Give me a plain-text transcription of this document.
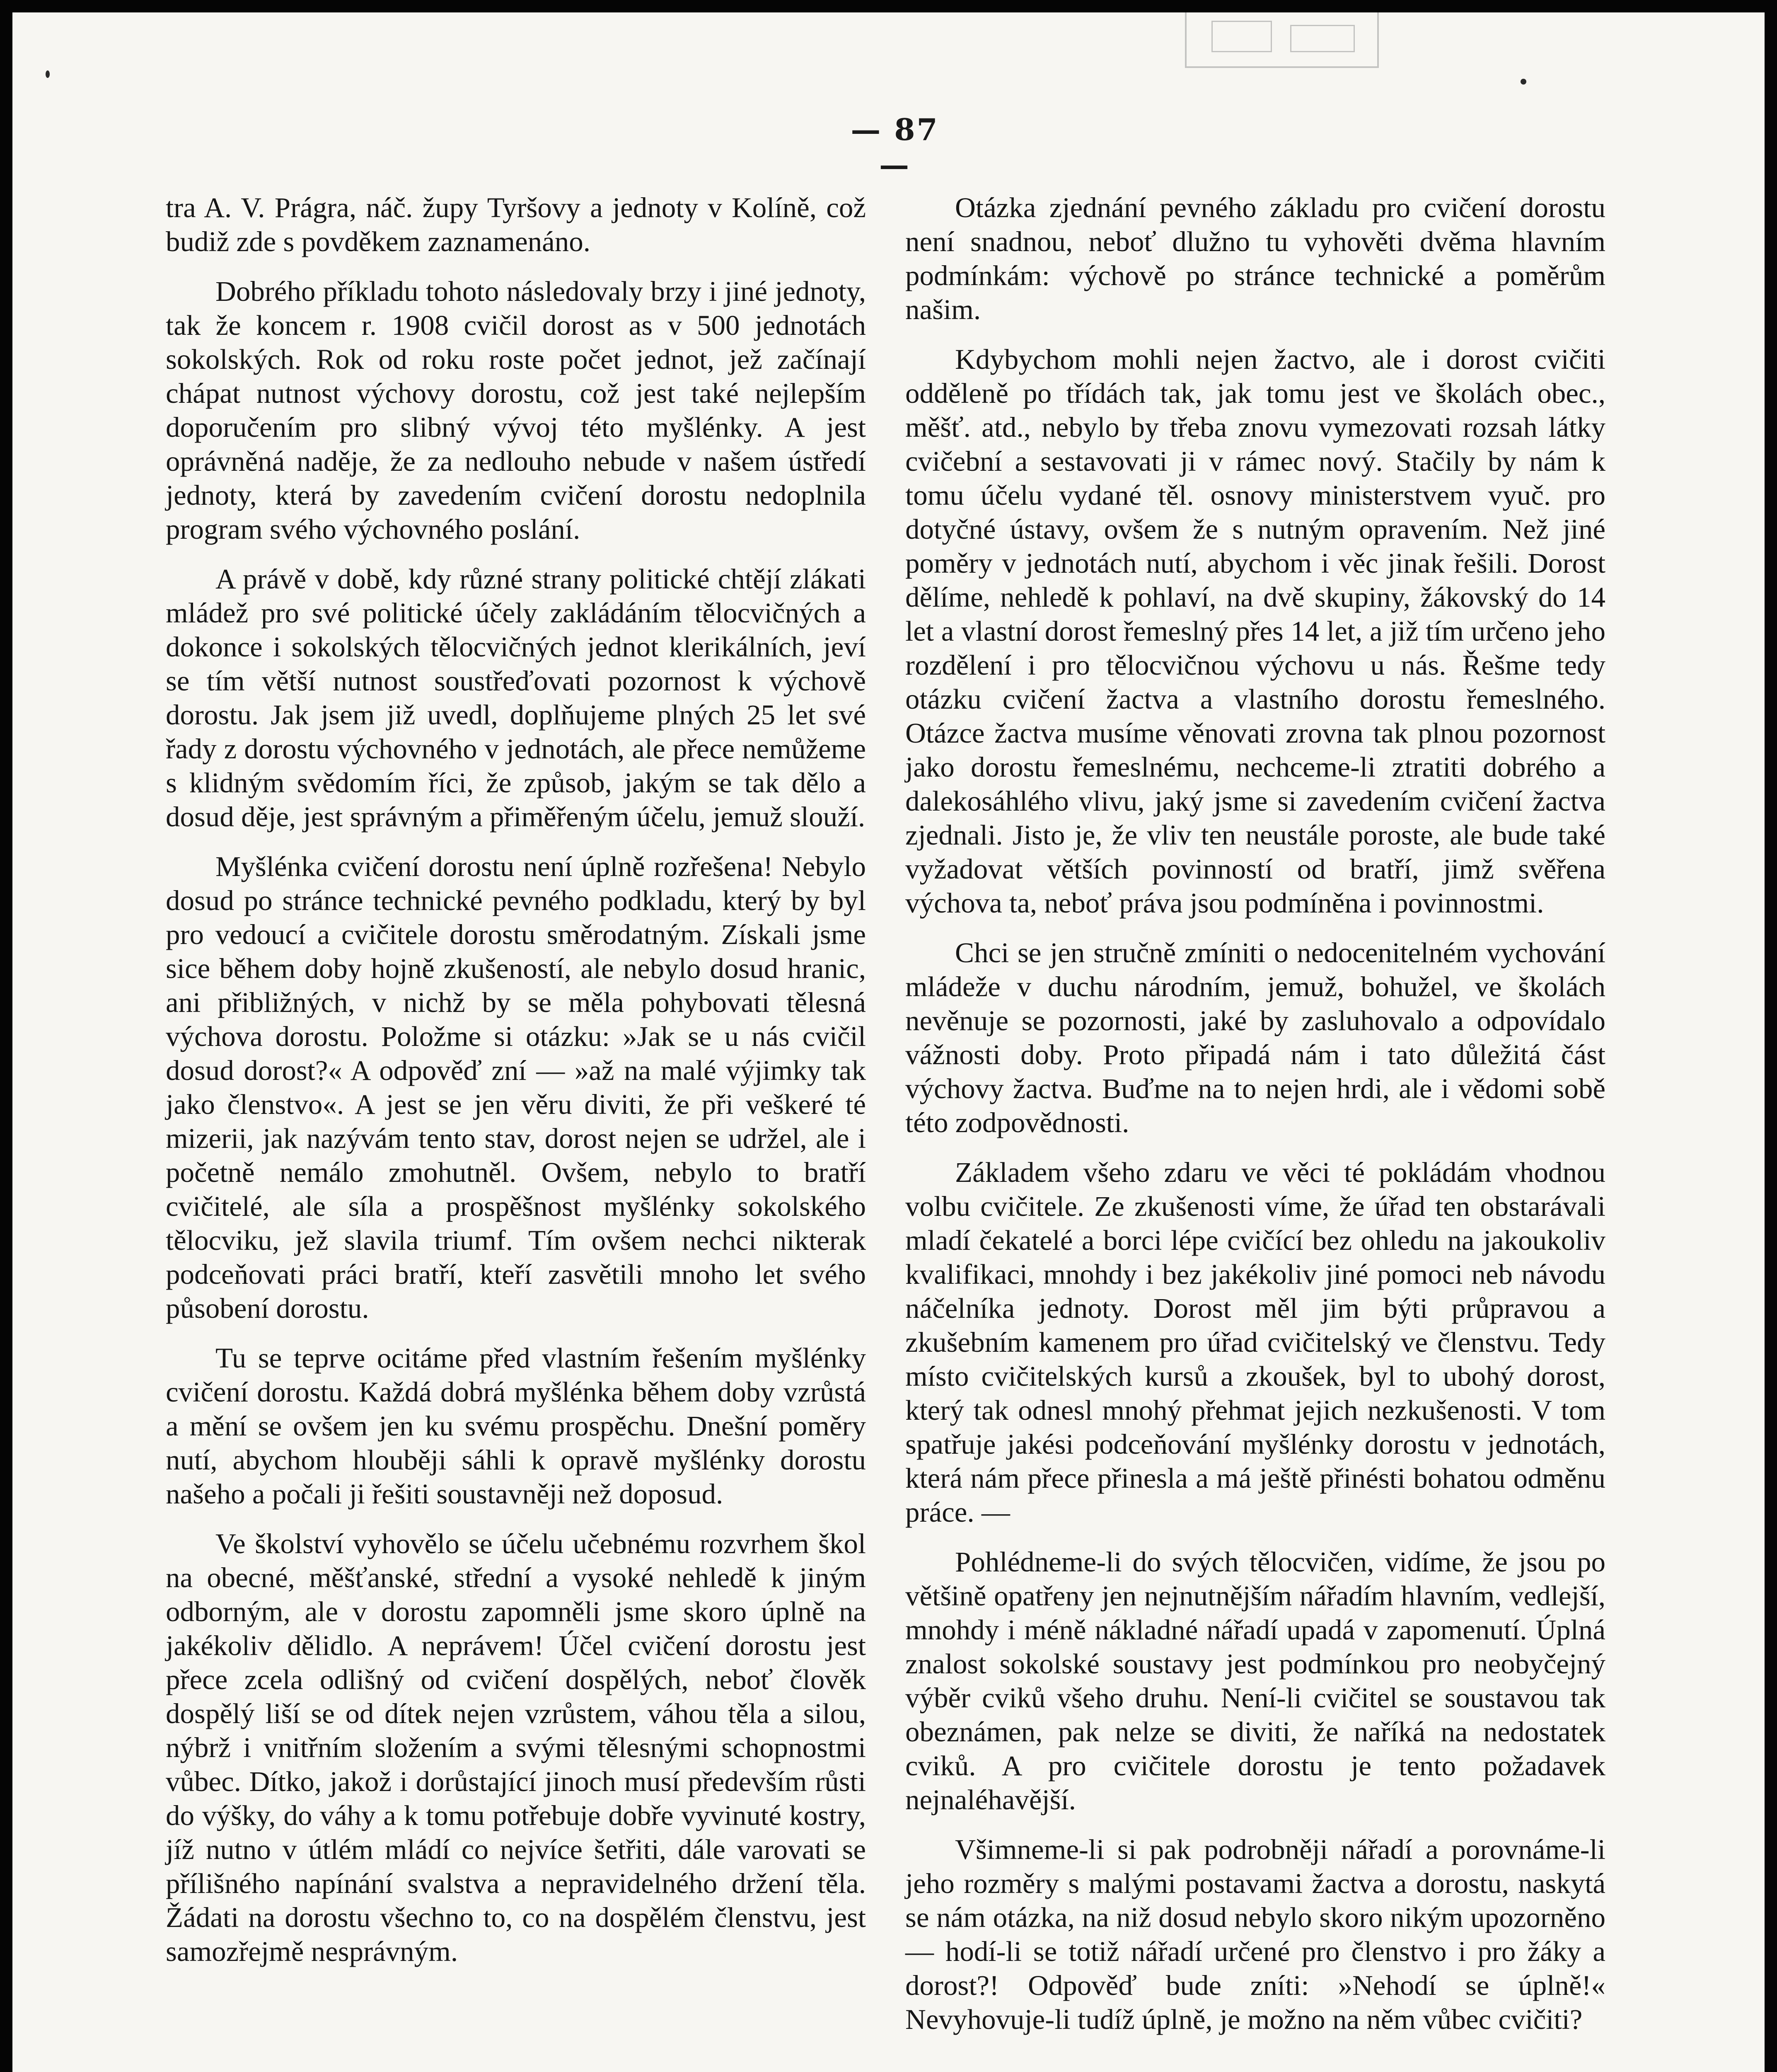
— 87 —

tra A. V. Prágra, náč. župy Tyršovy a jednoty v Kolíně, což budiž zde s povděkem zaznamenáno.

Dobrého příkladu tohoto následovaly brzy i jiné jednoty, tak že koncem r. 1908 cvičil dorost as v 500 jednotách sokolských. Rok od roku roste počet jednot, jež začínají chápat nutnost výchovy dorostu, což jest také nejlepším doporučením pro slibný vývoj této myšlénky. A jest oprávněná naděje, že za nedlouho nebude v našem ústředí jednoty, která by zavedením cvičení dorostu nedoplnila program svého výchovného poslání.

A právě v době, kdy různé strany politické chtějí zlákati mládež pro své politické účely zakládáním tělocvičných a dokonce i sokolských tělocvičných jednot klerikálních, jeví se tím větší nutnost soustřeďovati pozornost k výchově dorostu. Jak jsem již uvedl, doplňujeme plných 25 let své řady z dorostu výchovného v jednotách, ale přece nemůžeme s klidným svědomím říci, že způsob, jakým se tak dělo a dosud děje, jest správným a přiměřeným účelu, jemuž slouží.

Myšlénka cvičení dorostu není úplně rozřešena! Nebylo dosud po stránce technické pevného podkladu, který by byl pro vedoucí a cvičitele dorostu směrodatným. Získali jsme sice během doby hojně zkušeností, ale nebylo dosud hranic, ani přibližných, v nichž by se měla pohybovati tělesná výchova dorostu. Položme si otázku: »Jak se u nás cvičil dosud dorost?« A odpověď zní — »až na malé výjimky tak jako členstvo«. A jest se jen věru diviti, že při veškeré té mizerii, jak nazývám tento stav, dorost nejen se udržel, ale i početně nemálo zmohutněl. Ovšem, nebylo to bratří cvičitelé, ale síla a prospěšnost myšlénky sokolského tělocviku, jež slavila triumf. Tím ovšem nechci nikterak podceňovati práci bratří, kteří zasvětili mnoho let svého působení dorostu.

Tu se teprve ocitáme před vlastním řešením myšlénky cvičení dorostu. Každá dobrá myšlénka během doby vzrůstá a mění se ovšem jen ku svému prospěchu. Dnešní poměry nutí, abychom hlouběji sáhli k opravě myšlénky dorostu našeho a počali ji řešiti soustavněji než doposud.

Ve školství vyhovělo se účelu učebnému rozvrhem škol na obecné, měšťanské, střední a vysoké nehledě k jiným odborným, ale v dorostu zapomněli jsme skoro úplně na jakékoliv dělidlo. A neprávem! Účel cvičení dorostu jest přece zcela odlišný od cvičení dospělých, neboť člověk dospělý liší se od dítek nejen vzrůstem, váhou těla a silou, nýbrž i vnitřním složením a svými tělesnými schopnostmi vůbec. Dítko, jakož i dorůstající jinoch musí především růsti do výšky, do váhy a k tomu potřebuje dobře vyvinuté kostry, jíž nutno v útlém mládí co nejvíce šetřiti, dále varovati se přílišného napínání svalstva a nepravidelného držení těla. Žádati na dorostu všechno to, co na dospělém členstvu, jest samozřejmě nesprávným.

Otázka zjednání pevného základu pro cvičení dorostu není snadnou, neboť dlužno tu vyhověti dvěma hlavním podmínkám: výchově po stránce technické a poměrům našim.

Kdybychom mohli nejen žactvo, ale i dorost cvičiti odděleně po třídách tak, jak tomu jest ve školách obec., měšť. atd., nebylo by třeba znovu vymezovati rozsah látky cvičební a sestavovati ji v rámec nový. Stačily by nám k tomu účelu vydané těl. osnovy ministerstvem vyuč. pro dotyčné ústavy, ovšem že s nutným opravením. Než jiné poměry v jednotách nutí, abychom i věc jinak řešili. Dorost dělíme, nehledě k pohlaví, na dvě skupiny, žákovský do 14 let a vlastní dorost řemeslný přes 14 let, a již tím určeno jeho rozdělení i pro tělocvičnou výchovu u nás. Řešme tedy otázku cvičení žactva a vlastního dorostu řemeslného. Otázce žactva musíme věnovati zrovna tak plnou pozornost jako dorostu řemeslnému, nechceme-li ztratiti dobrého a dalekosáhlého vlivu, jaký jsme si zavedením cvičení žactva zjednali. Jisto je, že vliv ten neustále poroste, ale bude také vyžadovat větších povinností od bratří, jimž svěřena výchova ta, neboť práva jsou podmíněna i povinnostmi.

Chci se jen stručně zmíniti o nedocenitelném vychování mládeže v duchu národním, jemuž, bohužel, ve školách nevěnuje se pozornosti, jaké by zasluhovalo a odpovídalo vážnosti doby. Proto připadá nám i tato důležitá část výchovy žactva. Buďme na to nejen hrdi, ale i vědomi sobě této zodpovědnosti.

Základem všeho zdaru ve věci té pokládám vhodnou volbu cvičitele. Ze zkušenosti víme, že úřad ten obstarávali mladí čekatelé a borci lépe cvičící bez ohledu na jakoukoliv kvalifikaci, mnohdy i bez jakékoliv jiné pomoci neb návodu náčelníka jednoty. Dorost měl jim býti průpravou a zkušebním kamenem pro úřad cvičitelský ve členstvu. Tedy místo cvičitelských kursů a zkoušek, byl to ubohý dorost, který tak odnesl mnohý přehmat jejich nezkušenosti. V tom spatřuje jakési podceňování myšlénky dorostu v jednotách, která nám přece přinesla a má ještě přinésti bohatou odměnu práce. —

Pohlédneme-li do svých tělocvičen, vidíme, že jsou po většině opatřeny jen nejnutnějším nářadím hlavním, vedlejší, mnohdy i méně nákladné nářadí upadá v zapomenutí. Úplná znalost sokolské soustavy jest podmínkou pro neobyčejný výběr cviků všeho druhu. Není-li cvičitel se soustavou tak obeznámen, pak nelze se diviti, že naříká na nedostatek cviků. A pro cvičitele dorostu je tento požadavek nejnaléhavější.

Všimneme-li si pak podrobněji nářadí a porovnáme-li jeho rozměry s malými postavami žactva a dorostu, naskytá se nám otázka, na niž dosud nebylo skoro nikým upozorněno — hodí-li se totiž nářadí určené pro členstvo i pro žáky a dorost?! Odpověď bude zníti: »Nehodí se úplně!« Nevyhovuje-li tudíž úplně, je možno na něm vůbec cvičiti?
